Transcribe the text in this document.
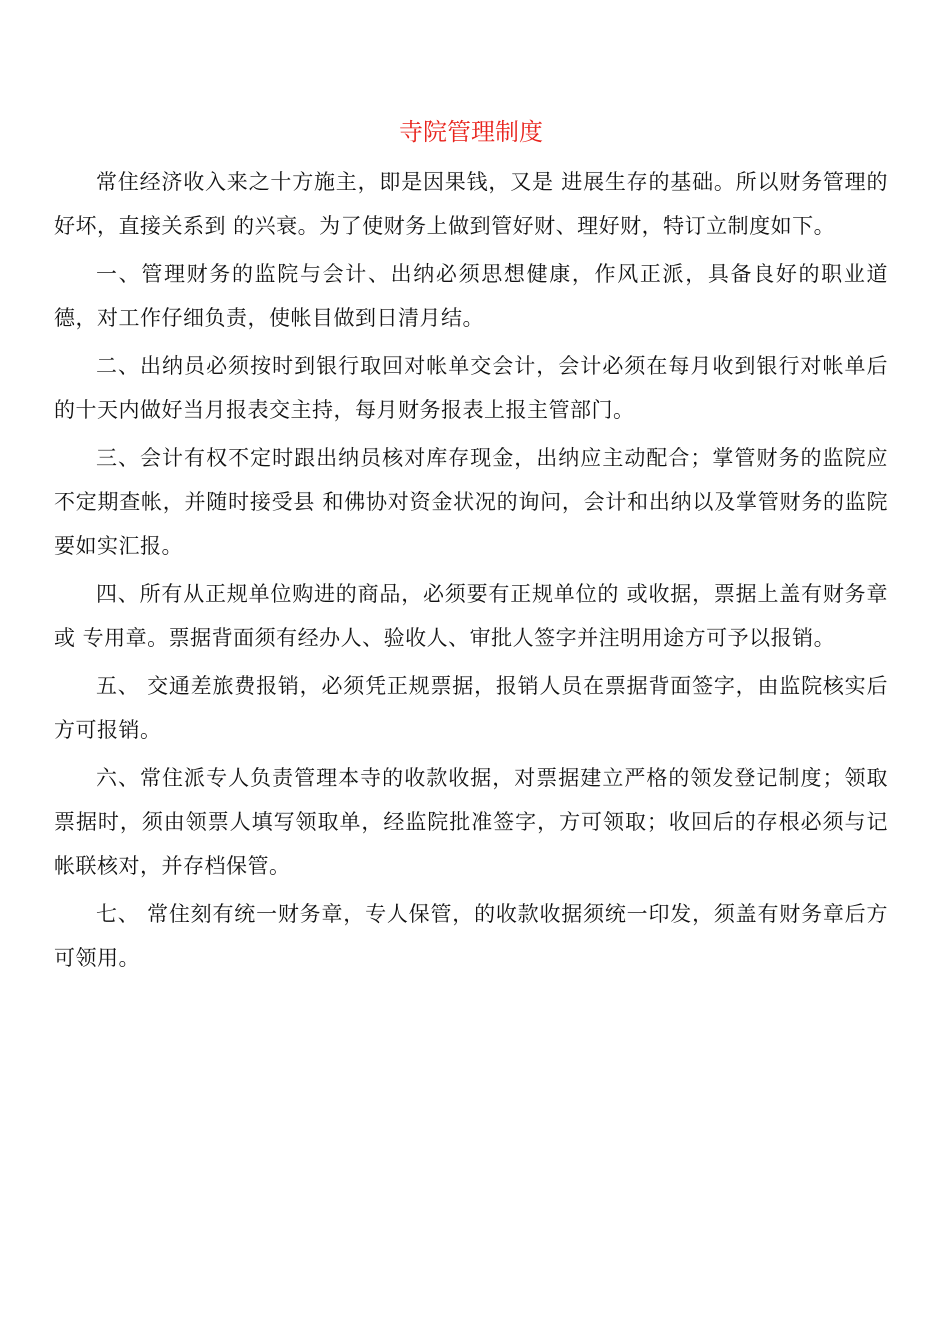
寺院管理制度

常住经济收入来之十方施主，即是因果钱，又是 进展生存的基础。所以财务管理的好坏，直接关系到 的兴衰。为了使财务上做到管好财、理好财，特订立制度如下。

一、管理财务的监院与会计、出纳必须思想健康，作风正派，具备良好的职业道德，对工作仔细负责，使帐目做到日清月结。

二、出纳员必须按时到银行取回对帐单交会计，会计必须在每月收到银行对帐单后的十天内做好当月报表交主持，每月财务报表上报主管部门。

三、会计有权不定时跟出纳员核对库存现金，出纳应主动配合；掌管财务的监院应不定期查帐，并随时接受县 和佛协对资金状况的询问，会计和出纳以及掌管财务的监院要如实汇报。

四、所有从正规单位购进的商品，必须要有正规单位的 或收据，票据上盖有财务章或 专用章。票据背面须有经办人、验收人、审批人签字并注明用途方可予以报销。

五、 交通差旅费报销，必须凭正规票据，报销人员在票据背面签字，由监院核实后方可报销。

六、常住派专人负责管理本寺的收款收据，对票据建立严格的领发登记制度；领取票据时，须由领票人填写领取单，经监院批准签字，方可领取；收回后的存根必须与记帐联核对，并存档保管。

七、 常住刻有统一财务章，专人保管，的收款收据须统一印发，须盖有财务章后方可领用。
